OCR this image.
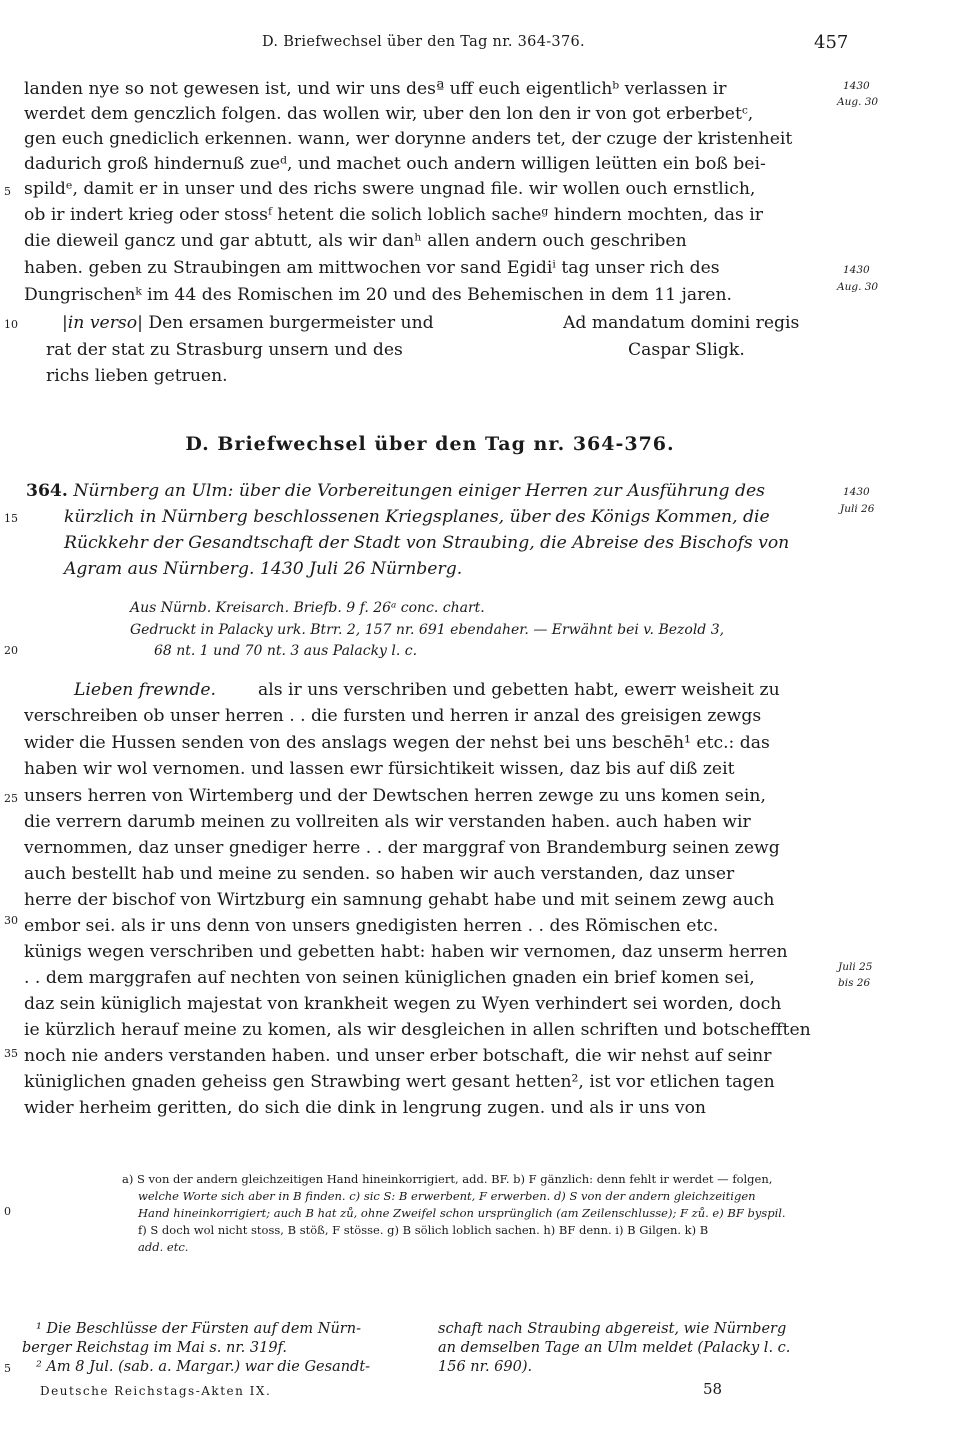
D. Briefwechsel über den Tag nr. 364-376.	457
landen nye so not gewesen ist, und wir uns desª uff euch eigentlichᵇ verlassen ir
werdet dem genczlich folgen. das wollen wir, uber den lon den ir von got erberbetᶜ,
gen euch gnediclich erkennen. wann, wer dorynne anders tet, der czuge der kristenheit
dadurich groß hindernuß zueᵈ, und machet ouch andern willigen leütten ein boß bei-
spildᵉ, damit er in unser und des richs swere ungnad file. wir wollen ouch ernstlich,
ob ir indert krieg oder stossᶠ hetent die solich loblich sacheᵍ hindern mochten, das ir
die dieweil gancz und gar abtutt, als wir danʰ allen andern ouch geschriben
haben. geben zu Straubingen am mittwochen vor sand Egidiⁱ tag unser rich des
Dungrischenᵏ im 44 des Romischen im 20 und des Behemischen in dem 11 jaren.
1430
Aug. 30
1430
Aug. 30
1430
Juli 26
Juli 25
bis 26
5
10
15
20
25
30
35
0
5
|in verso| Den ersamen burgermeister und
rat der stat zu Strasburg unsern und des
richs lieben getruen.
Ad mandatum domini regis
Caspar Sligk.
D. Briefwechsel über den Tag nr. 364-376.
364. Nürnberg an Ulm: über die Vorbereitungen einiger Herren zur Ausführung des
kürzlich in Nürnberg beschlossenen Kriegsplanes, über des Königs Kommen, die
Rückkehr der Gesandtschaft der Stadt von Straubing, die Abreise des Bischofs von
Agram aus Nürnberg. 1430 Juli 26 Nürnberg.
Aus Nürnb. Kreisarch. Briefb. 9 f. 26ᵃ conc. chart.
Gedruckt in Palacky urk. Btrr. 2, 157 nr. 691 ebendaher. — Erwähnt bei v. Bezold 3,
68 nt. 1 und 70 nt. 3 aus Palacky l. c.
Lieben frewnde. als ir uns verschriben und gebetten habt, ewerr weisheit zu
verschreiben ob unser herren . . die fursten und herren ir anzal des greisigen zewgs
wider die Hussen senden von des anslags wegen der nehst bei uns beschēh¹ etc.: das
haben wir wol vernomen. und lassen ewr fürsichtikeit wissen, daz bis auf diß zeit
unsers herren von Wirtemberg und der Dewtschen herren zewge zu uns komen sein,
die verrern darumb meinen zu vollreiten als wir verstanden haben. auch haben wir
vernommen, daz unser gnediger herre . . der marggraf von Brandemburg seinen zewg
auch bestellt hab und meine zu senden. so haben wir auch verstanden, daz unser
herre der bischof von Wirtzburg ein samnung gehabt habe und mit seinem zewg auch
embor sei. als ir uns denn von unsers gnedigisten herren . . des Römischen etc.
künigs wegen verschriben und gebetten habt: haben wir vernomen, daz unserm herren
. . dem marggrafen auf nechten von seinen küniglichen gnaden ein brief komen sei,
daz sein küniglich majestat von krankheit wegen zu Wyen verhindert sei worden, doch
ie kürzlich herauf meine zu komen, als wir desgleichen in allen schriften und botschefften
noch nie anders verstanden haben. und unser erber botschaft, die wir nehst auf seinr
küniglichen gnaden geheiss gen Strawbing wert gesant hetten², ist vor etlichen tagen
wider herheim geritten, do sich die dink in lengrung zugen. und als ir uns von
a) S von der andern gleichzeitigen Hand hineinkorrigiert, add. BF. b) F gänzlich: denn fehlt ir werdet — folgen,
welche Worte sich aber in B finden. c) sic S: B erwerbent, F erwerben. d) S von der andern gleichzeitigen
Hand hineinkorrigiert; auch B hat zů, ohne Zweifel schon ursprünglich (am Zeilenschlusse); F zů. e) BF byspil.
f) S doch wol nicht stoss, B stöß, F stösse. g) B sölich loblich sachen. h) BF denn. i) B Gilgen. k) B
add. etc.
¹ Die Beschlüsse der Fürsten auf dem Nürn-
berger Reichstag im Mai s. nr. 319f.
² Am 8 Jul. (sab. a. Margar.) war die Gesandt-
schaft nach Straubing abgereist, wie Nürnberg
an demselben Tage an Ulm meldet (Palacky l. c.
156 nr. 690).
Deutsche Reichstags-Akten IX.	58
